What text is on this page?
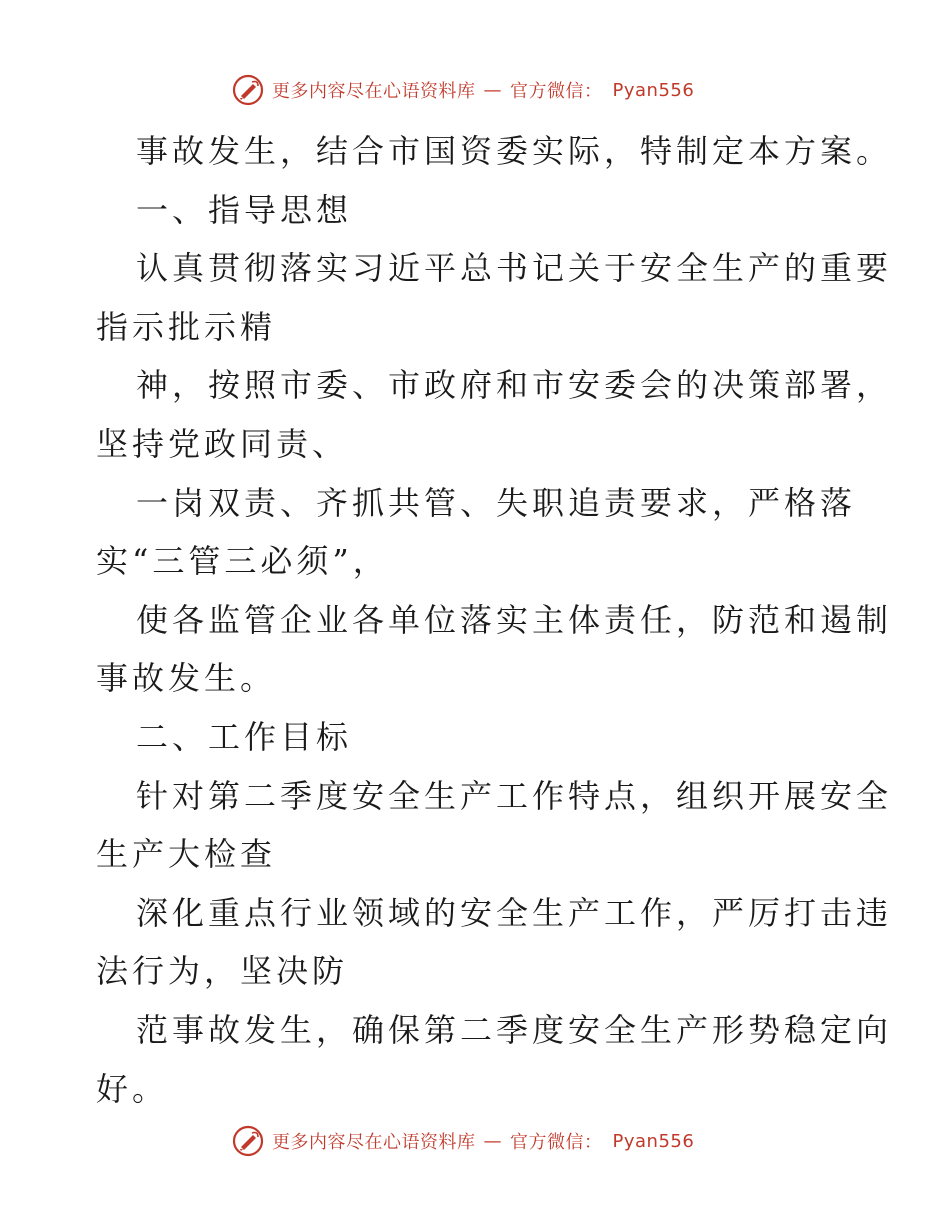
更多内容尽在心语资料库 — 官方微信： Pyan556
事故发生，结合市国资委实际，特制定本方案。
一、指导思想
认真贯彻落实习近平总书记关于安全生产的重要
指示批示精
神，按照市委、市政府和市安委会的决策部署，
坚持党政同责、
一岗双责、齐抓共管、失职追责要求，严格落
实“三管三必须”，
使各监管企业各单位落实主体责任，防范和遏制
事故发生。
二、工作目标
针对第二季度安全生产工作特点，组织开展安全
生产大检查
深化重点行业领域的安全生产工作，严厉打击违
法行为，坚决防
范事故发生，确保第二季度安全生产形势稳定向
好。
更多内容尽在心语资料库 — 官方微信： Pyan556
